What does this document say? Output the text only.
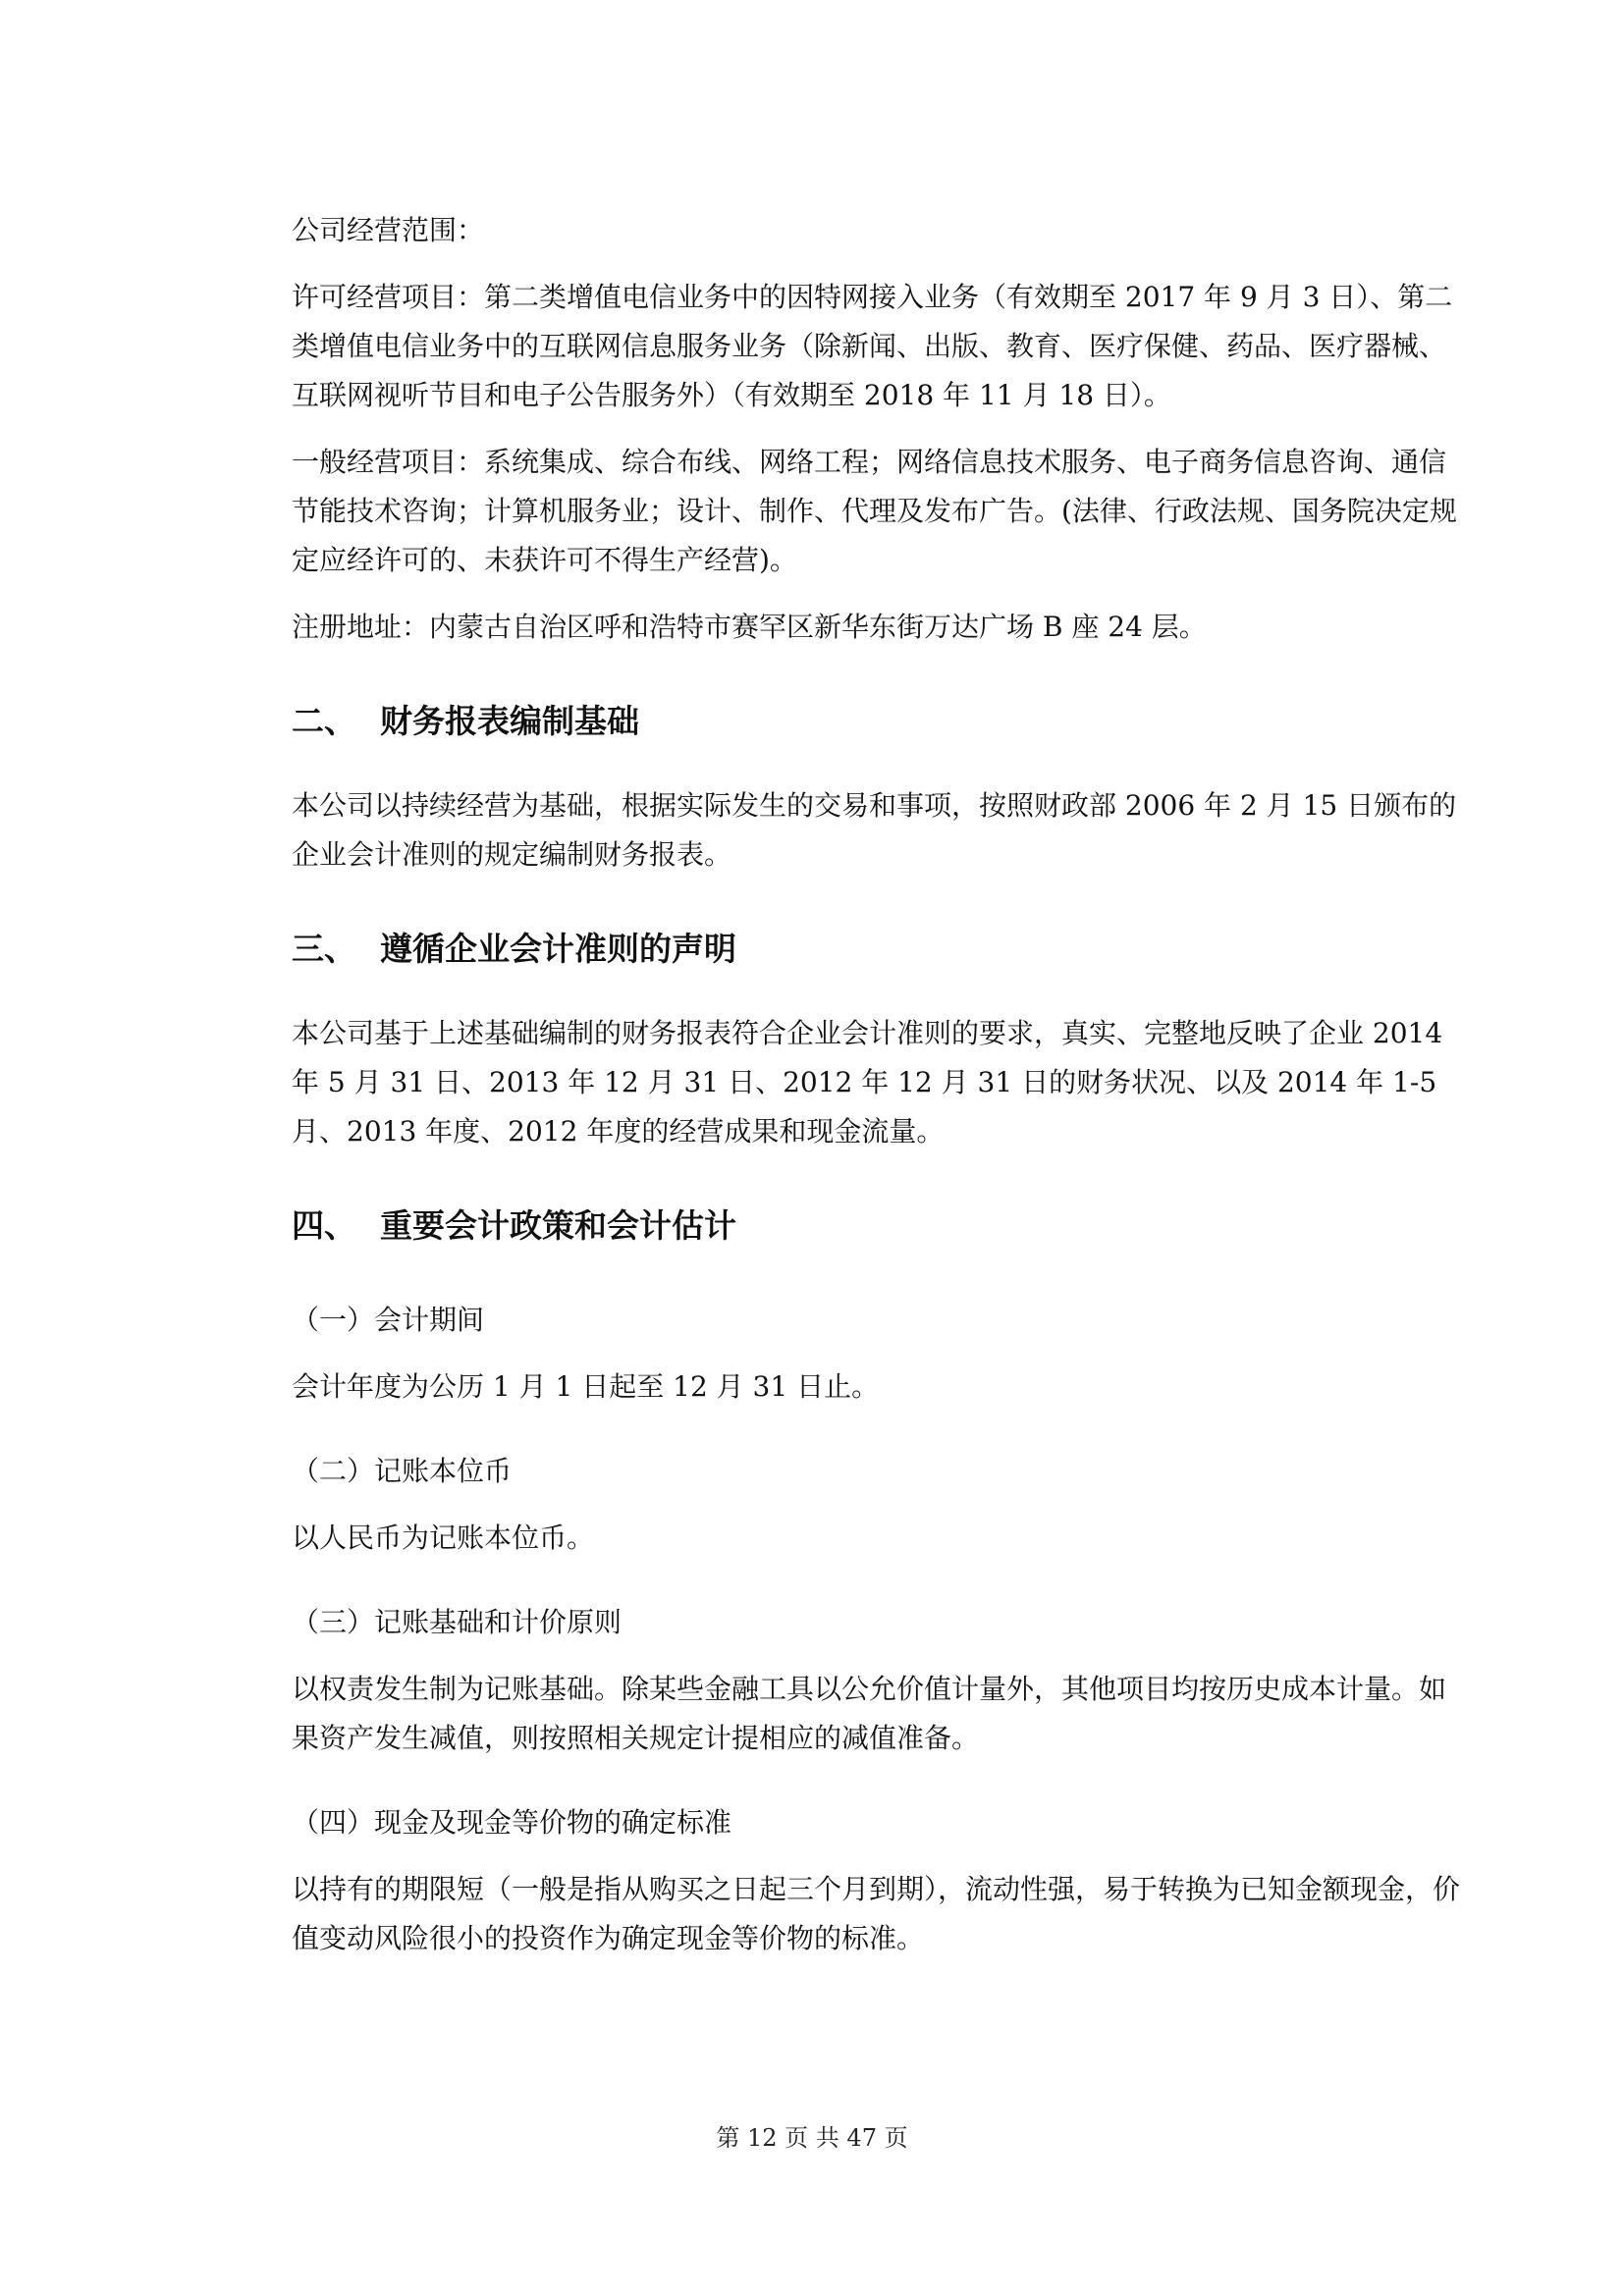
公司经营范围：

许可经营项目：第二类增值电信业务中的因特网接入业务（有效期至 2017 年 9 月 3 日）、第二类增值电信业务中的互联网信息服务业务（除新闻、出版、教育、医疗保健、药品、医疗器械、互联网视听节目和电子公告服务外）（有效期至 2018 年 11 月 18 日）。

一般经营项目：系统集成、综合布线、网络工程；网络信息技术服务、电子商务信息咨询、通信节能技术咨询；计算机服务业；设计、制作、代理及发布广告。(法律、行政法规、国务院决定规定应经许可的、未获许可不得生产经营)。

注册地址：内蒙古自治区呼和浩特市赛罕区新华东街万达广场 B 座 24 层。

二、 财务报表编制基础

本公司以持续经营为基础，根据实际发生的交易和事项，按照财政部 2006 年 2 月 15 日颁布的企业会计准则的规定编制财务报表。

三、 遵循企业会计准则的声明

本公司基于上述基础编制的财务报表符合企业会计准则的要求，真实、完整地反映了企业 2014 年 5 月 31 日、2013 年 12 月 31 日、2012 年 12 月 31 日的财务状况、以及 2014 年 1-5 月、2013 年度、2012 年度的经营成果和现金流量。

四、 重要会计政策和会计估计

（一）会计期间

会计年度为公历 1 月 1 日起至 12 月 31 日止。

（二）记账本位币

以人民币为记账本位币。

（三）记账基础和计价原则

以权责发生制为记账基础。除某些金融工具以公允价值计量外，其他项目均按历史成本计量。如果资产发生减值，则按照相关规定计提相应的减值准备。

（四）现金及现金等价物的确定标准

以持有的期限短（一般是指从购买之日起三个月到期），流动性强，易于转换为已知金额现金，价值变动风险很小的投资作为确定现金等价物的标准。

第 12 页 共 47 页
